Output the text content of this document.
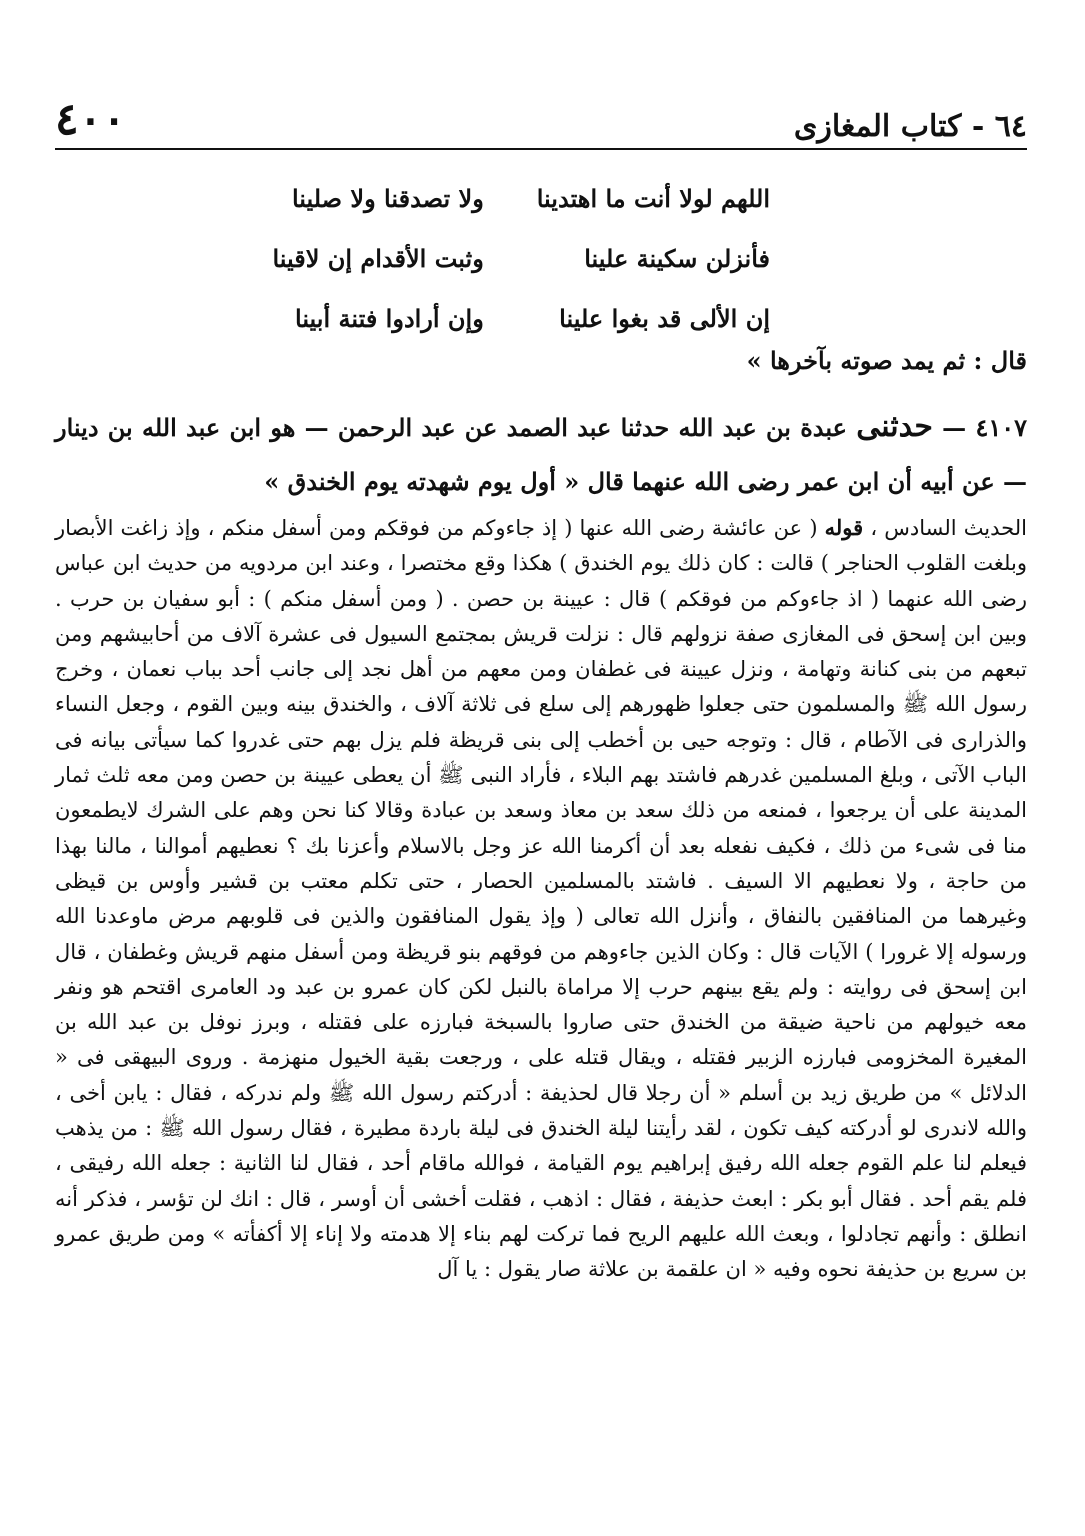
٦٤ - كتاب المغازى
٤٠٠
اللهم لولا أنت ما اهتدينا
ولا تصدقنا ولا صلينا
فأنزلن سكينة علينا
وثبت الأقدام إن لاقينا
إن الألى قد بغوا علينا
وإن أرادوا فتنة أبينا
قال : ثم يمد صوته بآخرها »
٤١٠٧ — حدثنى عبدة بن عبد الله حدثنا عبد الصمد عن عبد الرحمن — هو ابن عبد الله بن دينار — عن أبيه أن ابن عمر رضى الله عنهما قال « أول يوم شهدته يوم الخندق »
الحديث السادس ، قوله ( عن عائشة رضى الله عنها ( إذ جاءوكم من فوقكم ومن أسفل منكم ، وإذ زاغت الأبصار وبلغت القلوب الحناجر ) قالت : كان ذلك يوم الخندق ) هكذا وقع مختصرا ، وعند ابن مردويه من حديث ابن عباس رضى الله عنهما ( اذ جاءوكم من فوقكم ) قال : عيينة بن حصن . ( ومن أسفل منكم ) : أبو سفيان بن حرب . وبين ابن إسحق فى المغازى صفة نزولهم قال : نزلت قريش بمجتمع السيول فى عشرة آلاف من أحابيشهم ومن تبعهم من بنى كنانة وتهامة ، ونزل عيينة فى غطفان ومن معهم من أهل نجد إلى جانب أحد بباب نعمان ، وخرج رسول الله ﷺ والمسلمون حتى جعلوا ظهورهم إلى سلع فى ثلاثة آلاف ، والخندق بينه وبين القوم ، وجعل النساء والذرارى فى الآطام ، قال : وتوجه حيى بن أخطب إلى بنى قريظة فلم يزل بهم حتى غدروا كما سيأتى بيانه فى الباب الآتى ، وبلغ المسلمين غدرهم فاشتد بهم البلاء ، فأراد النبى ﷺ أن يعطى عيينة بن حصن ومن معه ثلث ثمار المدينة على أن يرجعوا ، فمنعه من ذلك سعد بن معاذ وسعد بن عبادة وقالا كنا نحن وهم على الشرك لايطمعون منا فى شىء من ذلك ، فكيف نفعله بعد أن أكرمنا الله عز وجل بالاسلام وأعزنا بك ؟ نعطيهم أموالنا ، مالنا بهذا من حاجة ، ولا نعطيهم الا السيف . فاشتد بالمسلمين الحصار ، حتى تكلم معتب بن قشير وأوس بن قيظى وغيرهما من المنافقين بالنفاق ، وأنزل الله تعالى ( وإذ يقول المنافقون والذين فى قلوبهم مرض ماوعدنا الله ورسوله إلا غرورا ) الآيات قال : وكان الذين جاءوهم من فوقهم بنو قريظة ومن أسفل منهم قريش وغطفان ، قال ابن إسحق فى روايته : ولم يقع بينهم حرب إلا مراماة بالنبل لكن كان عمرو بن عبد ود العامرى اقتحم هو ونفر معه خيولهم من ناحية ضيقة من الخندق حتى صاروا بالسبخة فبارزه على فقتله ، وبرز نوفل بن عبد الله بن المغيرة المخزومى فبارزه الزبير فقتله ، ويقال قتله على ، ورجعت بقية الخيول منهزمة . وروى البيهقى فى « الدلائل » من طريق زيد بن أسلم « أن رجلا قال لحذيفة : أدركتم رسول الله ﷺ ولم ندركه ، فقال : يابن أخى ، والله لاندرى لو أدركته كيف تكون ، لقد رأيتنا ليلة الخندق فى ليلة باردة مطيرة ، فقال رسول الله ﷺ : من يذهب فيعلم لنا علم القوم جعله الله رفيق إبراهيم يوم القيامة ، فوالله ماقام أحد ، فقال لنا الثانية : جعله الله رفيقى ، فلم يقم أحد . فقال أبو بكر : ابعث حذيفة ، فقال : اذهب ، فقلت أخشى أن أوسر ، قال : انك لن تؤسر ، فذكر أنه انطلق : وأنهم تجادلوا ، وبعث الله عليهم الريح فما تركت لهم بناء إلا هدمته ولا إناء إلا أكفأته » ومن طريق عمرو بن سريع بن حذيفة نحوه وفيه « ان علقمة بن علاثة صار يقول : يا آل
